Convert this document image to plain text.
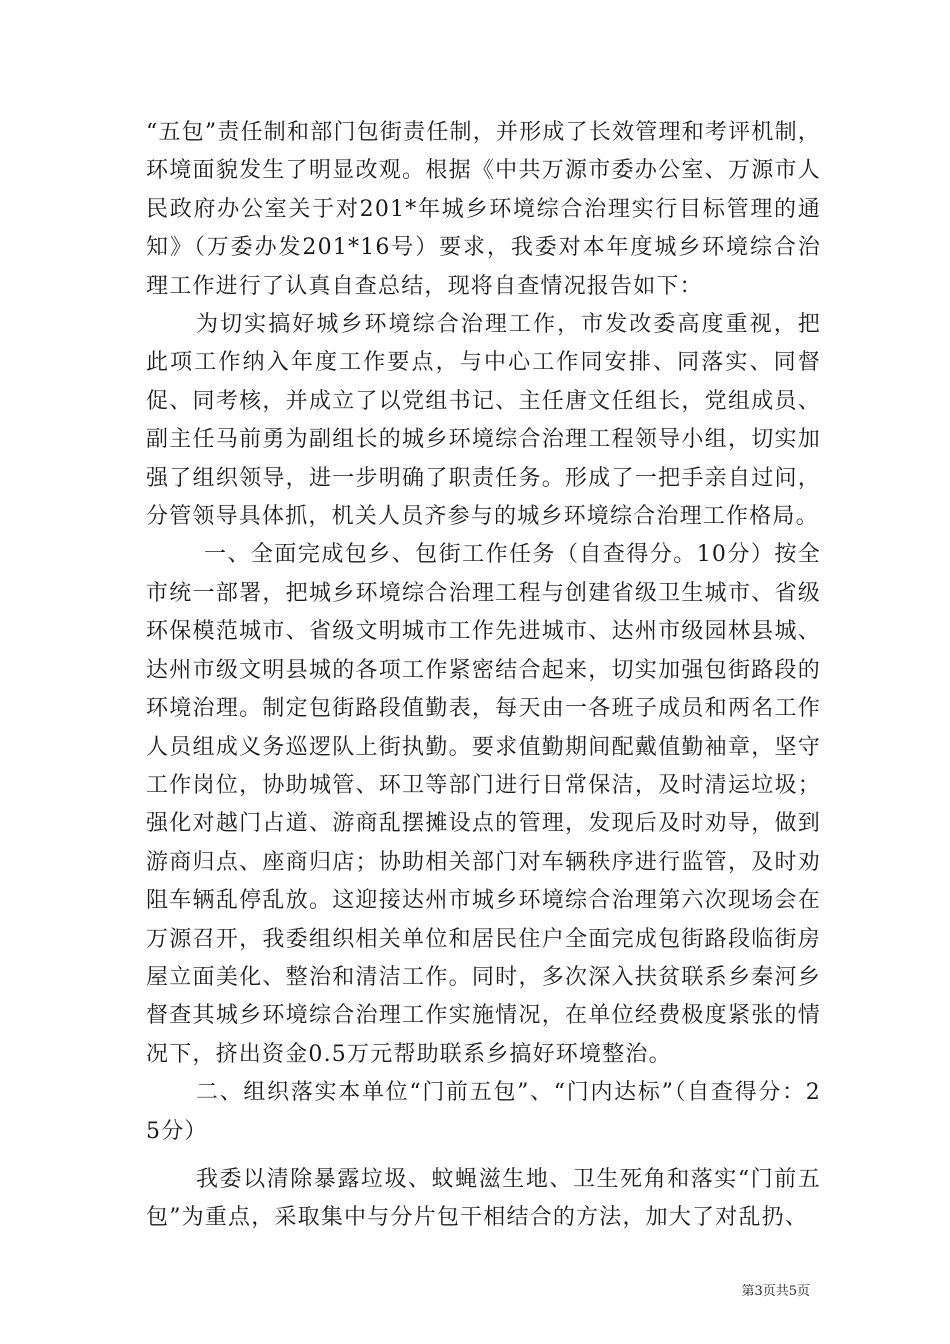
“五包”责任制和部门包街责任制，并形成了长效管理和考评机制，环境面貌发生了明显改观。根据《中共万源市委办公室、万源市人民政府办公室关于对201*年城乡环境综合治理实行目标管理的通知》（万委办发201*16号）要求，我委对本年度城乡环境综合治理工作进行了认真自查总结，现将自查情况报告如下：

为切实搞好城乡环境综合治理工作，市发改委高度重视，把此项工作纳入年度工作要点，与中心工作同安排、同落实、同督促、同考核，并成立了以党组书记、主任唐文任组长，党组成员、副主任马前勇为副组长的城乡环境综合治理工程领导小组，切实加强了组织领导，进一步明确了职责任务。形成了一把手亲自过问，分管领导具体抓，机关人员齐参与的城乡环境综合治理工作格局。

一、全面完成包乡、包街工作任务（自查得分。10分）按全市统一部署，把城乡环境综合治理工程与创建省级卫生城市、省级环保模范城市、省级文明城市工作先进城市、达州市级园林县城、达州市级文明县城的各项工作紧密结合起来，切实加强包街路段的环境治理。制定包街路段值勤表，每天由一各班子成员和两名工作人员组成义务巡逻队上街执勤。要求值勤期间配戴值勤袖章，坚守工作岗位，协助城管、环卫等部门进行日常保洁，及时清运垃圾；强化对越门占道、游商乱摆摊设点的管理，发现后及时劝导，做到游商归点、座商归店；协助相关部门对车辆秩序进行监管，及时劝阻车辆乱停乱放。这迎接达州市城乡环境综合治理第六次现场会在万源召开，我委组织相关单位和居民住户全面完成包街路段临街房屋立面美化、整治和清洁工作。同时，多次深入扶贫联系乡秦河乡督查其城乡环境综合治理工作实施情况，在单位经费极度紧张的情况下，挤出资金0.5万元帮助联系乡搞好环境整治。

二、组织落实本单位“门前五包”、“门内达标”（自查得分：25分）

我委以清除暴露垃圾、蚊蝇滋生地、卫生死角和落实“门前五包”为重点，采取集中与分片包干相结合的方法，加大了对乱扔、

第3页共5页
